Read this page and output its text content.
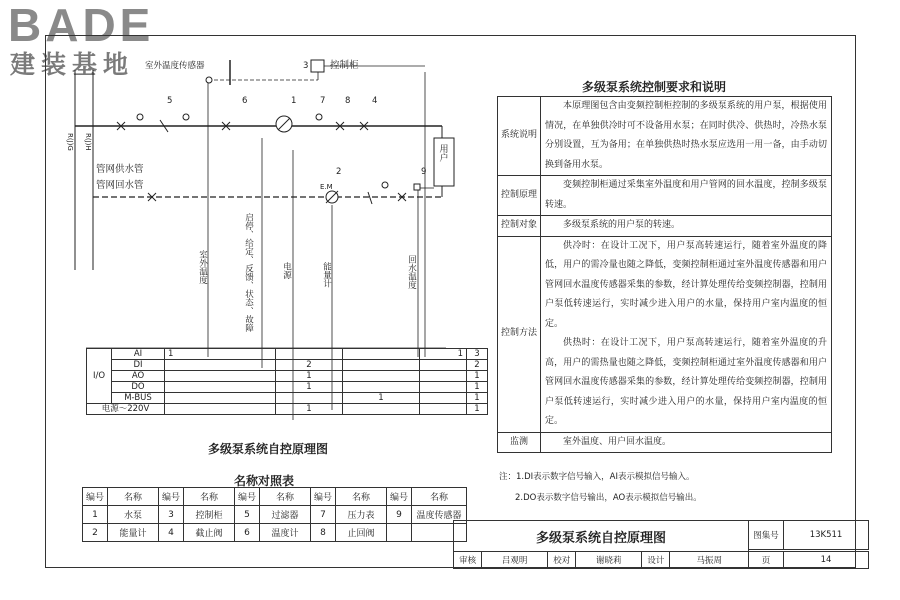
BADE
建装基地 室外温度传感器	3 控制柜
1
2
4
5	6	7 8
9
用户
R(J)G R(J)H
管网供水管
管网回水管	E.M
室外温度	启停、给定、反馈、状态、故障	电源	能量计	回水温度
I/O	AI	1			1	3
	DI		2			2
	AO		1			1
	DO		1			1
	M-BUS			1		1
电源～220V			1			1
多级泵系统自控原理图
名称对照表
编号	名称	编号	名称	编号	名称	编号	名称	编号	名称
1	水泵	3	控制柜	5	过滤器	7	压力表	9	温度传感器
2	能量计	4	截止阀	6	温度计	8	止回阀		
多级泵系统控制要求和说明
系统说明	本原理图包含由变频控制柜控制的多级泵系统的用户泵，根据使用情况，在单独供冷时可不设备用水泵；在同时供冷、供热时，冷热水泵分别设置，互为备用；在单独供热时热水泵应选用一用一备，由手动切换到备用水泵。
控制原理	变频控制柜通过采集室外温度和用户管网的回水温度，控制多级泵转速。
控制对象	多级泵系统的用户泵的转速。
控制方法	供冷时：在设计工况下，用户泵高转速运行，随着室外温度的降低，用户的需冷量也随之降低，变频控制柜通过室外温度传感器和用户管网回水温度传感器采集的参数，经计算处理传给变频控制器，控制用户泵低转速运行，实时减少进入用户的水量，保持用户室内温度的恒定。
供热时：在设计工况下，用户泵高转速运行，随着室外温度的升高，用户的需热量也随之降低，变频控制柜通过室外温度传感器和用户管网回水温度传感器采集的参数，经计算处理传给变频控制器，控制用户泵低转速运行，实时减少进入用户的水量，保持用户室内温度的恒定。

监测	室外温度、用户回水温度。
注：1.DI表示数字信号输入，AI表示模拟信号输入。
2.DO表示数字信号输出，AO表示模拟信号输出。
多级泵系统自控原理图						图集号	13K511

审核	吕观明	校对	谢晓莉	设计	马振周	页	14
